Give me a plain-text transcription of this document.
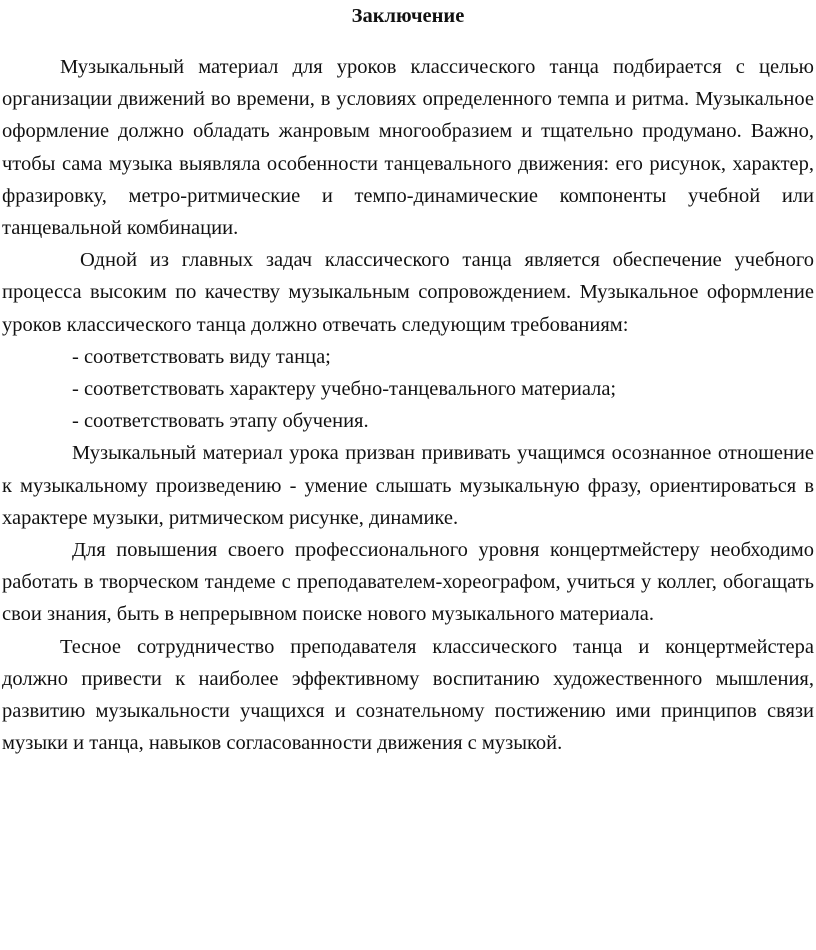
Заключение

Музыкальный материал для уроков классического танца подбирается с целью организации движений во времени, в условиях определенного темпа и ритма. Музыкальное оформление должно обладать жанровым многообразием и тщательно продумано. Важно, чтобы сама музыка выявляла особенности танцевального движения: его рисунок, характер, фразировку, метро-ритмические и темпо-динамические компоненты учебной или танцевальной комбинации.

Одной из главных задач классического танца является обеспечение учебного процесса высоким по качеству музыкальным сопровождением. Музыкальное оформление уроков классического танца должно отвечать следующим требованиям:

- соответствовать виду танца;
- соответствовать характеру учебно-танцевального материала;
- соответствовать этапу обучения.

Музыкальный материал урока призван прививать учащимся осознанное отношение к музыкальному произведению - умение слышать музыкальную фразу, ориентироваться в характере музыки, ритмическом рисунке, динамике.

Для повышения своего профессионального уровня концертмейстеру необходимо работать в творческом тандеме с преподавателем-хореографом, учиться у коллег, обогащать свои знания, быть в непрерывном поиске нового музыкального материала.

Тесное сотрудничество преподавателя классического танца и концертмейстера должно привести к наиболее эффективному воспитанию художественного мышления, развитию музыкальности учащихся и сознательному постижению ими принципов связи музыки и танца, навыков согласованности движения с музыкой.
